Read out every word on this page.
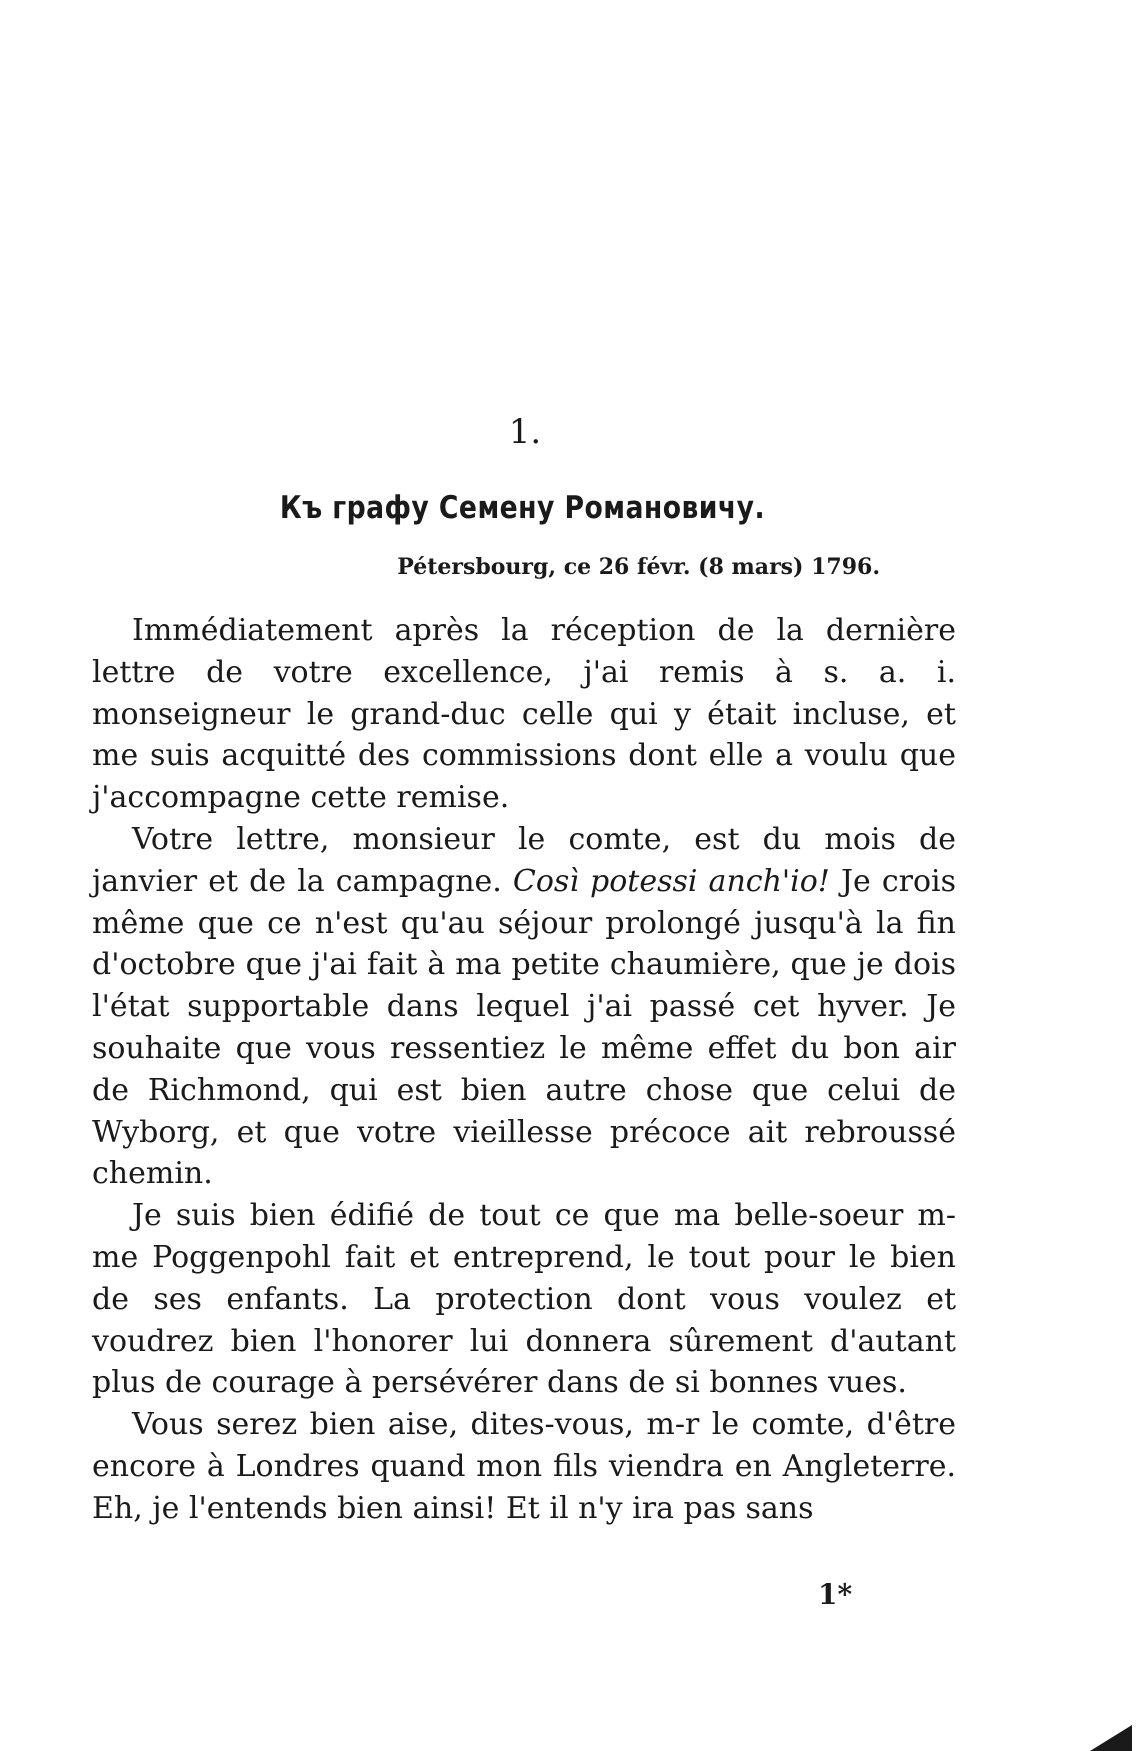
1.
Къ графу Семену Романовичу.
Pétersbourg, ce 26 févr. (8 mars) 1796.

Immédiatement après la réception de la dernière lettre de votre excellence, j'ai remis à s. a. i. monseigneur le grand-duc celle qui y était incluse, et me suis acquitté des commissions dont elle a voulu que j'accompagne cette remise.

Votre lettre, monsieur le comte, est du mois de janvier et de la campagne. Così potessi anch'io! Je crois même que ce n'est qu'au séjour prolongé jusqu'à la fin d'octobre que j'ai fait à ma petite chaumière, que je dois l'état supportable dans lequel j'ai passé cet hyver. Je souhaite que vous ressentiez le même effet du bon air de Richmond, qui est bien autre chose que celui de Wyborg, et que votre vieillesse précoce ait rebroussé chemin.

Je suis bien édifié de tout ce que ma belle-soeur m-me Poggenpohl fait et entreprend, le tout pour le bien de ses enfants. La protection dont vous voulez et voudrez bien l'honorer lui donnera sûrement d'autant plus de courage à persévérer dans de si bonnes vues.

Vous serez bien aise, dites-vous, m-r le comte, d'être encore à Londres quand mon fils viendra en Angleterre. Eh, je l'entends bien ainsi! Et il n'y ira pas sans

1*
